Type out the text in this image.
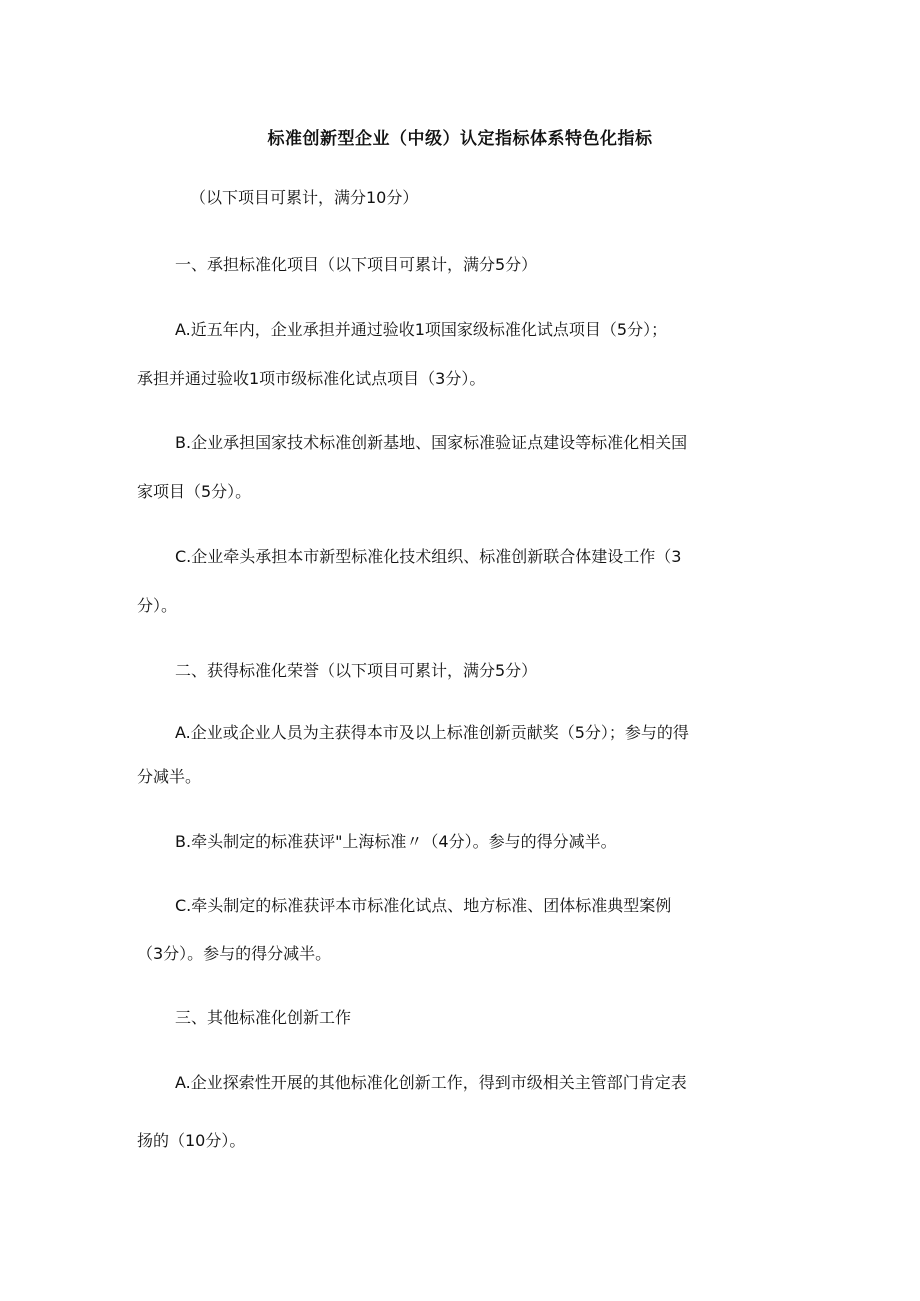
标准创新型企业（中级）认定指标体系特色化指标
（以下项目可累计，满分10分）
一、承担标准化项目（以下项目可累计，满分5分）
A.近五年内，企业承担并通过验收1项国家级标准化试点项目（5分）；
承担并通过验收1项市级标准化试点项目（3分）。
B.企业承担国家技术标准创新基地、国家标准验证点建设等标准化相关国
家项目（5分）。
C.企业牵头承担本市新型标准化技术组织、标准创新联合体建设工作（3
分）。
二、获得标准化荣誉（以下项目可累计，满分5分）
A.企业或企业人员为主获得本市及以上标准创新贡献奖（5分）；参与的得
分减半。
B.牵头制定的标准获评"上海标准〃（4分）。参与的得分减半。
C.牵头制定的标准获评本市标准化试点、地方标准、团体标准典型案例
（3分）。参与的得分减半。
三、其他标准化创新工作
A.企业探索性开展的其他标准化创新工作，得到市级相关主管部门肯定表
扬的（10分）。
